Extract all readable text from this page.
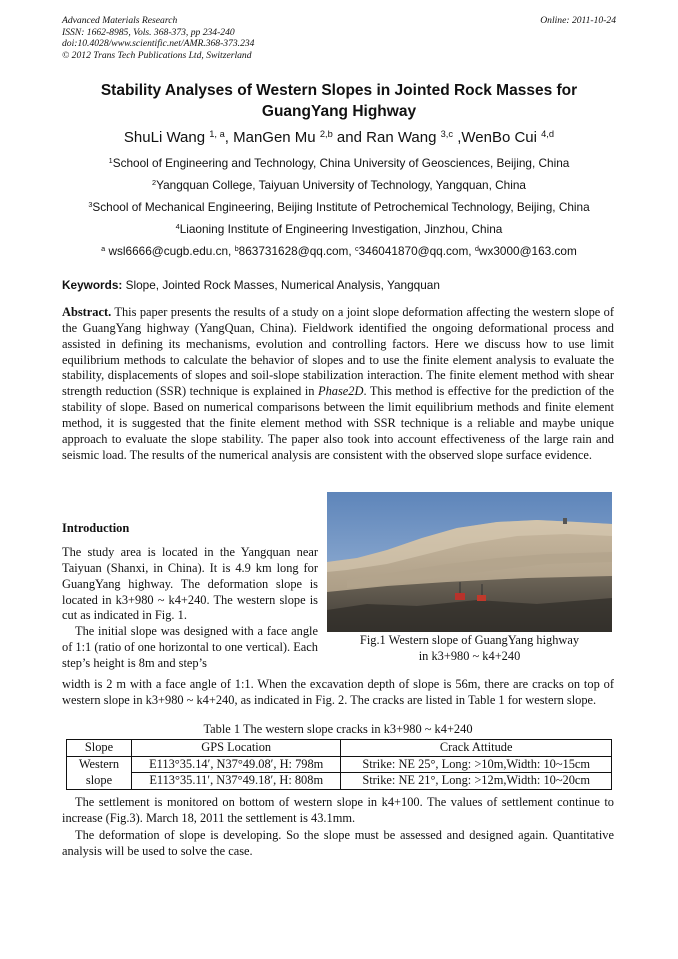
Advanced Materials Research
ISSN: 1662-8985, Vols. 368-373, pp 234-240
doi:10.4028/www.scientific.net/AMR.368-373.234
© 2012 Trans Tech Publications Ltd, Switzerland
Online: 2011-10-24
Stability Analyses of Western Slopes in Jointed Rock Masses for GuangYang Highway
ShuLi Wang $^{1, a}$, ManGen Mu $^{2,b}$ and Ran Wang $^{3,c}$ ,WenBo Cui $^{4,d}$
$^1$School of Engineering and Technology, China University of Geosciences, Beijing, China
$^2$Yangquan College, Taiyuan University of Technology, Yangquan, China
$^3$School of Mechanical Engineering, Beijing Institute of Petrochemical Technology, Beijing, China
$^4$Liaoning Institute of Engineering Investigation, Jinzhou, China
$^a$ wsl6666@cugb.edu.cn, $^b$863731628@qq.com, $^c$346041870@qq.com, $^d$wx3000@163.com
Keywords: Slope, Jointed Rock Masses, Numerical Analysis, Yangquan
Abstract. This paper presents the results of a study on a joint slope deformation affecting the western slope of the GuangYang highway (YangQuan, China). Fieldwork identified the ongoing deformational process and assisted in defining its mechanisms, evolution and controlling factors. Here we discuss how to use limit equilibrium methods to calculate the behavior of slopes and to use the finite element analysis to evaluate the stability, displacements of slopes and soil-slope stabilization interaction. The finite element method with shear strength reduction (SSR) technique is explained in Phase2D. This method is effective for the prediction of the stability of slope. Based on numerical comparisons between the limit equilibrium methods and finite element method, it is suggested that the finite element method with SSR technique is a reliable and maybe unique approach to evaluate the slope stability. The paper also took into account effectiveness of the large rain and seismic load. The results of the numerical analysis are consistent with the observed slope surface evidence.
Introduction
The study area is located in the Yangquan near Taiyuan (Shanxi, in China). It is 4.9 km long for GuangYang highway. The deformation slope is located in k3+980 ~ k4+240. The western slope is cut as indicated in Fig. 1.
The initial slope was designed with a face angle of 1:1 (ratio of one horizontal to one vertical). Each step’s height is 8m and step’s
Fig.1 Western slope of GuangYang highway
in k3+980 ~ k4+240
width is 2 m with a face angle of 1:1. When the excavation depth of slope is 56m, there are cracks on top of western slope in k3+980 ~ k4+240, as indicated in Fig. 2. The cracks are listed in Table 1 for western slope.
Table 1 The western slope cracks in k3+980 ~ k4+240
Slope	GPS Location	Crack Attitude
Western
slope	E113°35.14′, N37°49.08′, H: 798m	Strike: NE 25°, Long: >10m,Width: 10~15cm
	E113°35.11′, N37°49.18′, H: 808m	Strike: NE 21°, Long: >12m,Width: 10~20cm
The settlement is monitored on bottom of western slope in k4+100. The values of settlement continue to increase (Fig.3). March 18, 2011 the settlement is 43.1mm.
The deformation of slope is developing. So the slope must be assessed and designed again. Quantitative analysis will be used to solve the case.
